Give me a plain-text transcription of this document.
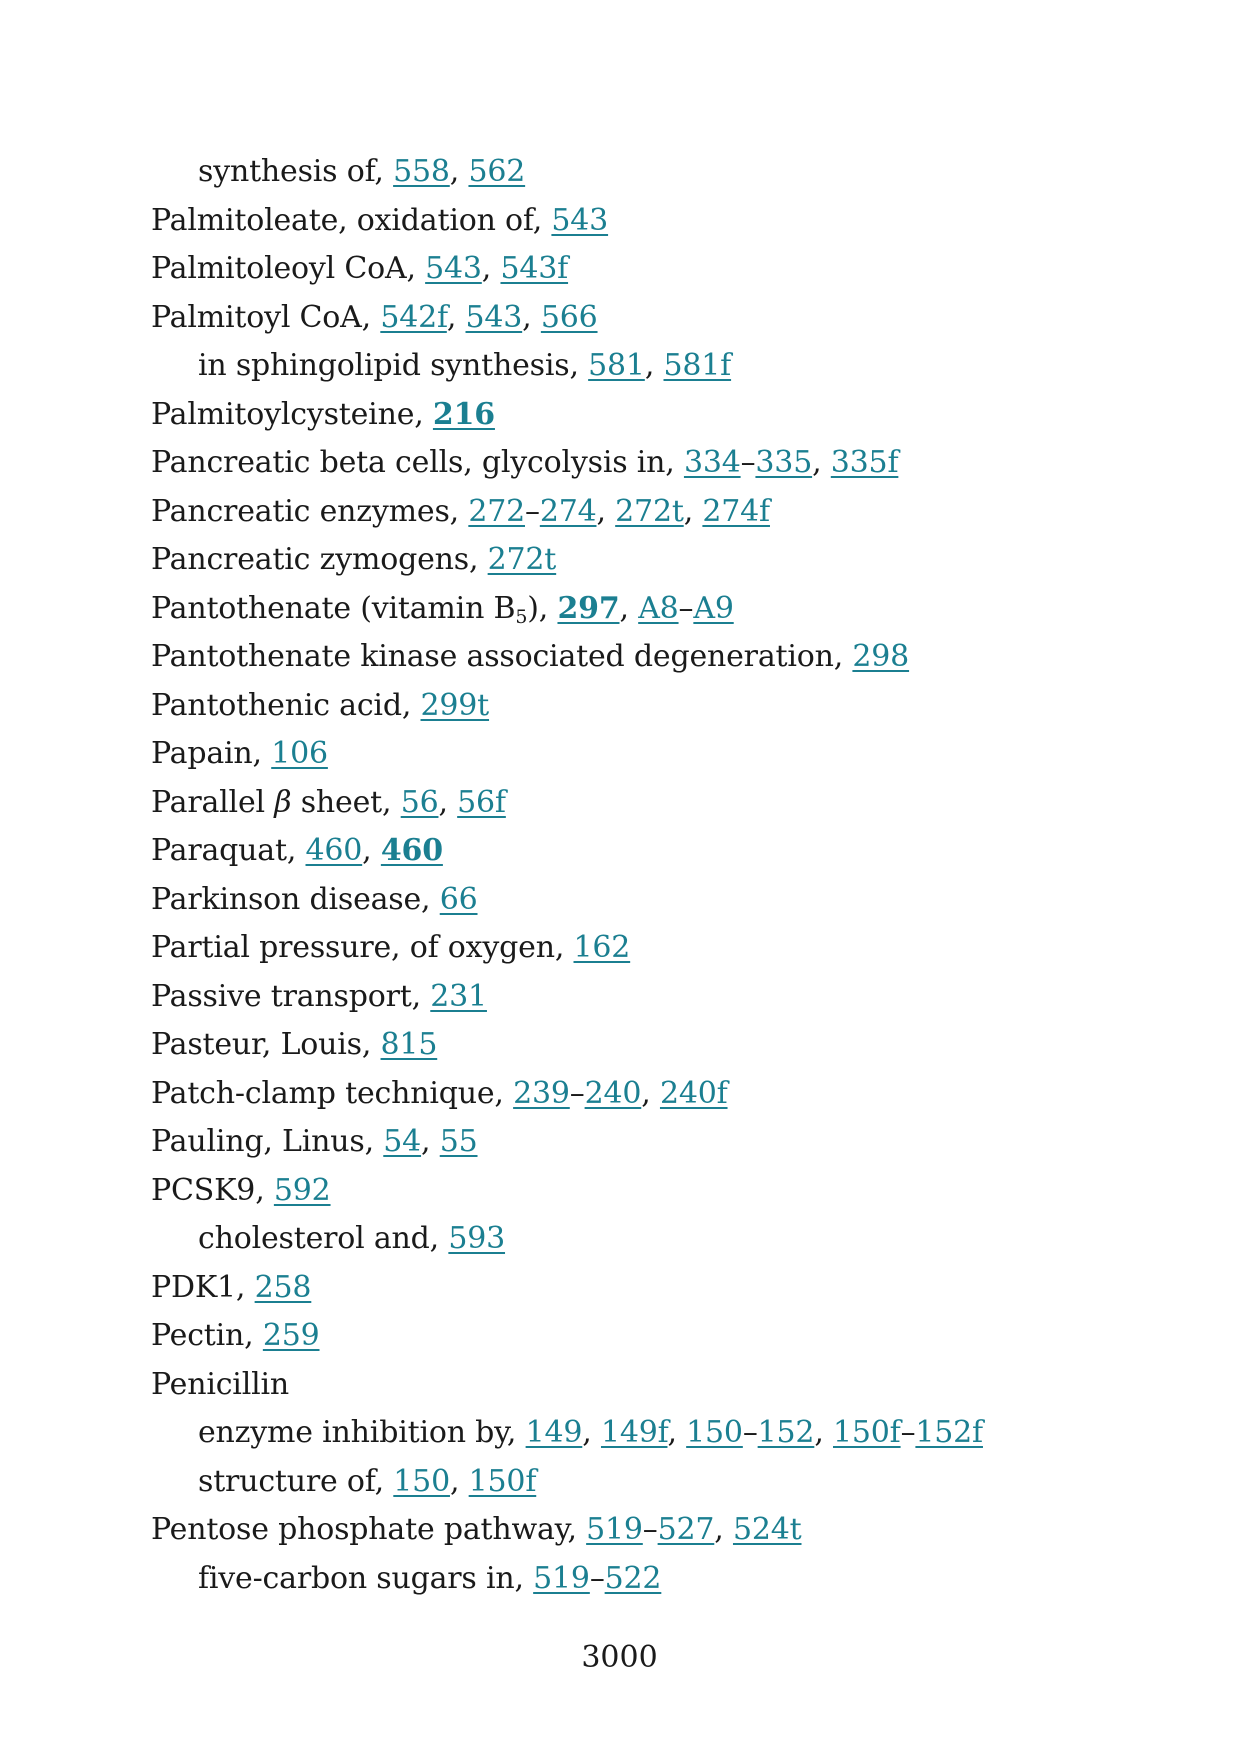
synthesis of, 558, 562
Palmitoleate, oxidation of, 543
Palmitoleoyl CoA, 543, 543f
Palmitoyl CoA, 542f, 543, 566
in sphingolipid synthesis, 581, 581f
Palmitoylcysteine, 216
Pancreatic beta cells, glycolysis in, 334–335, 335f
Pancreatic enzymes, 272–274, 272t, 274f
Pancreatic zymogens, 272t
Pantothenate (vitamin B5), 297, A8–A9
Pantothenate kinase associated degeneration, 298
Pantothenic acid, 299t
Papain, 106
Parallel β sheet, 56, 56f
Paraquat, 460, 460
Parkinson disease, 66
Partial pressure, of oxygen, 162
Passive transport, 231
Pasteur, Louis, 815
Patch-clamp technique, 239–240, 240f
Pauling, Linus, 54, 55
PCSK9, 592
cholesterol and, 593
PDK1, 258
Pectin, 259
Penicillin
enzyme inhibition by, 149, 149f, 150–152, 150f–152f
structure of, 150, 150f
Pentose phosphate pathway, 519–527, 524t
five-carbon sugars in, 519–522
3000
